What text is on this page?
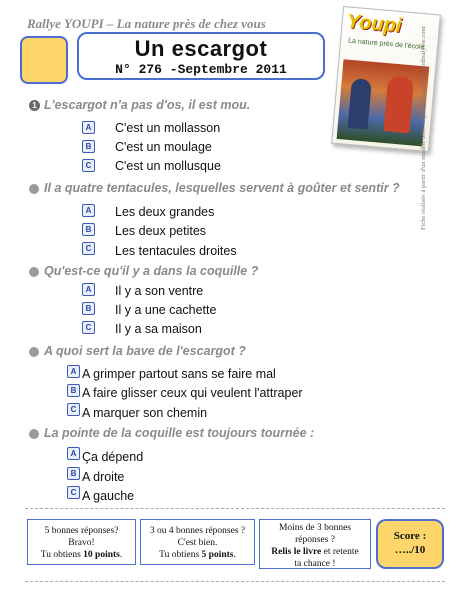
Rallye YOUPI – La nature près de chez vous
Un escargot
N° 276 -Septembre 2011
Youpi
La nature près de l'école
Fiche réalisée à partir d'un modèle téléchargé sur http://www.jardinalysse.com
1 L'escargot n'a pas d'os, il est mou.
A C'est un mollasson
B C'est un moulage
C C'est un mollusque
Il a quatre tentacules, lesquelles servent à goûter et sentir ?
A Les deux grandes
B Les deux petites
C Les tentacules droites
Qu'est-ce qu'il y a dans la coquille ?
A Il y a son ventre
B Il y a une cachette
C Il y a sa maison
A quoi sert la bave de l'escargot ?
A A grimper partout sans se faire mal
B A faire glisser ceux qui veulent l'attraper
C A marquer son chemin
La pointe de la coquille est toujours tournée :
A Ça dépend
B A droite
C A gauche
5 bonnes réponses?
Bravo!
Tu obtiens 10 points.
3 ou 4 bonnes réponses ?
C'est bien.
Tu obtiens 5 points.
Moins de 3 bonnes
réponses ?
Relis le livre et retente
ta chance !
Score :
…../10
